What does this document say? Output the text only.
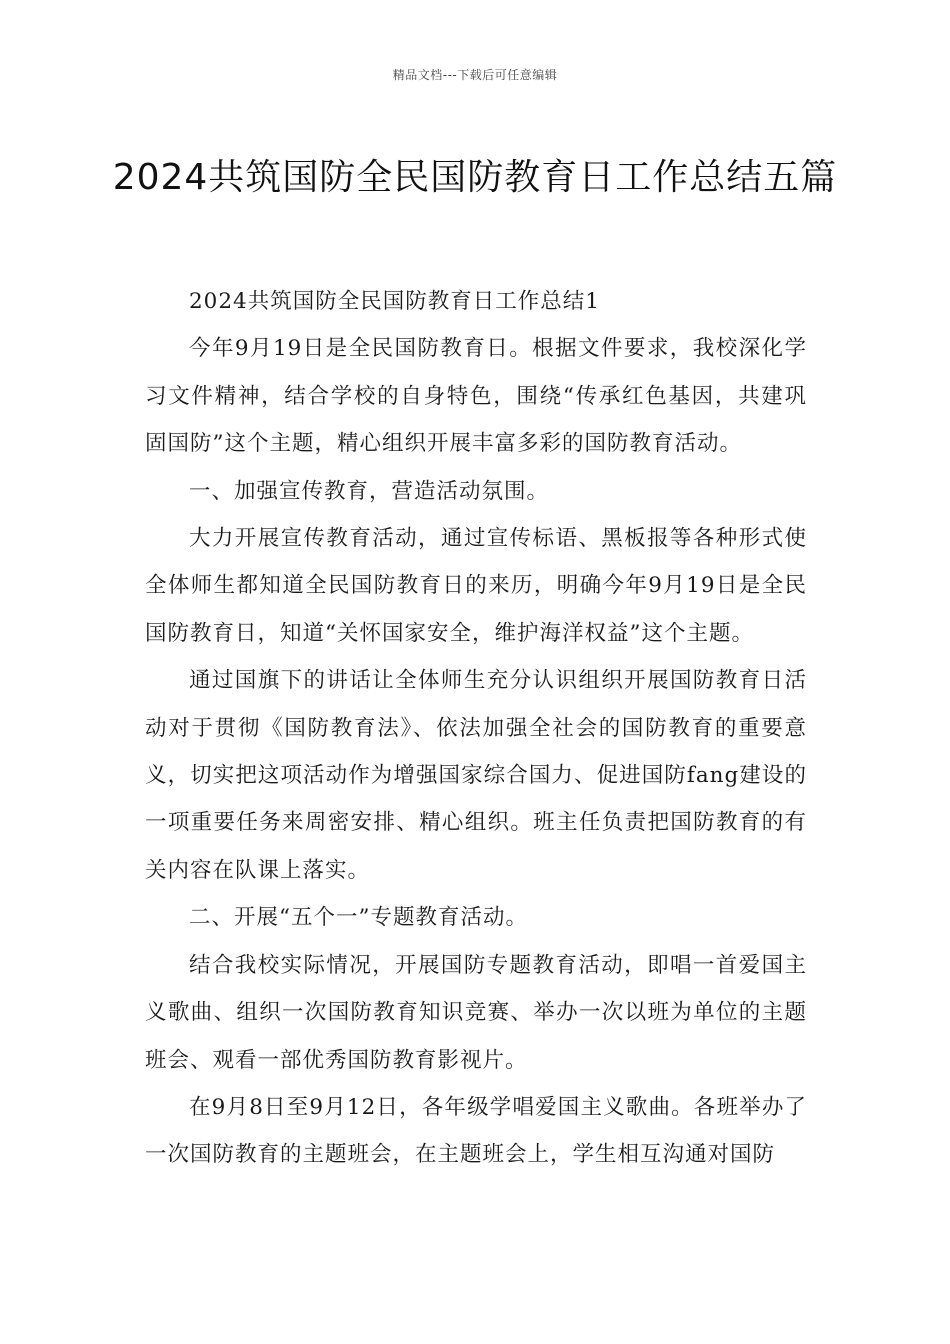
精品文档---下载后可任意编辑
2024共筑国防全民国防教育日工作总结五篇

2024共筑国防全民国防教育日工作总结1

今年9月19日是全民国防教育日。根据文件要求，我校深化学习文件精神，结合学校的自身特色，围绕“传承红色基因，共建巩固国防”这个主题，精心组织开展丰富多彩的国防教育活动。

一、加强宣传教育，营造活动氛围。

大力开展宣传教育活动，通过宣传标语、黑板报等各种形式使全体师生都知道全民国防教育日的来历，明确今年9月19日是全民国防教育日，知道“关怀国家安全，维护海洋权益”这个主题。

通过国旗下的讲话让全体师生充分认识组织开展国防教育日活动对于贯彻《国防教育法》、依法加强全社会的国防教育的重要意义，切实把这项活动作为增强国家综合国力、促进国防fang建设的一项重要任务来周密安排、精心组织。班主任负责把国防教育的有关内容在队课上落实。

二、开展“五个一”专题教育活动。

结合我校实际情况，开展国防专题教育活动，即唱一首爱国主义歌曲、组织一次国防教育知识竞赛、举办一次以班为单位的主题班会、观看一部优秀国防教育影视片。

在9月8日至9月12日，各年级学唱爱国主义歌曲。各班举办了一次国防教育的主题班会，在主题班会上，学生相互沟通对国防
